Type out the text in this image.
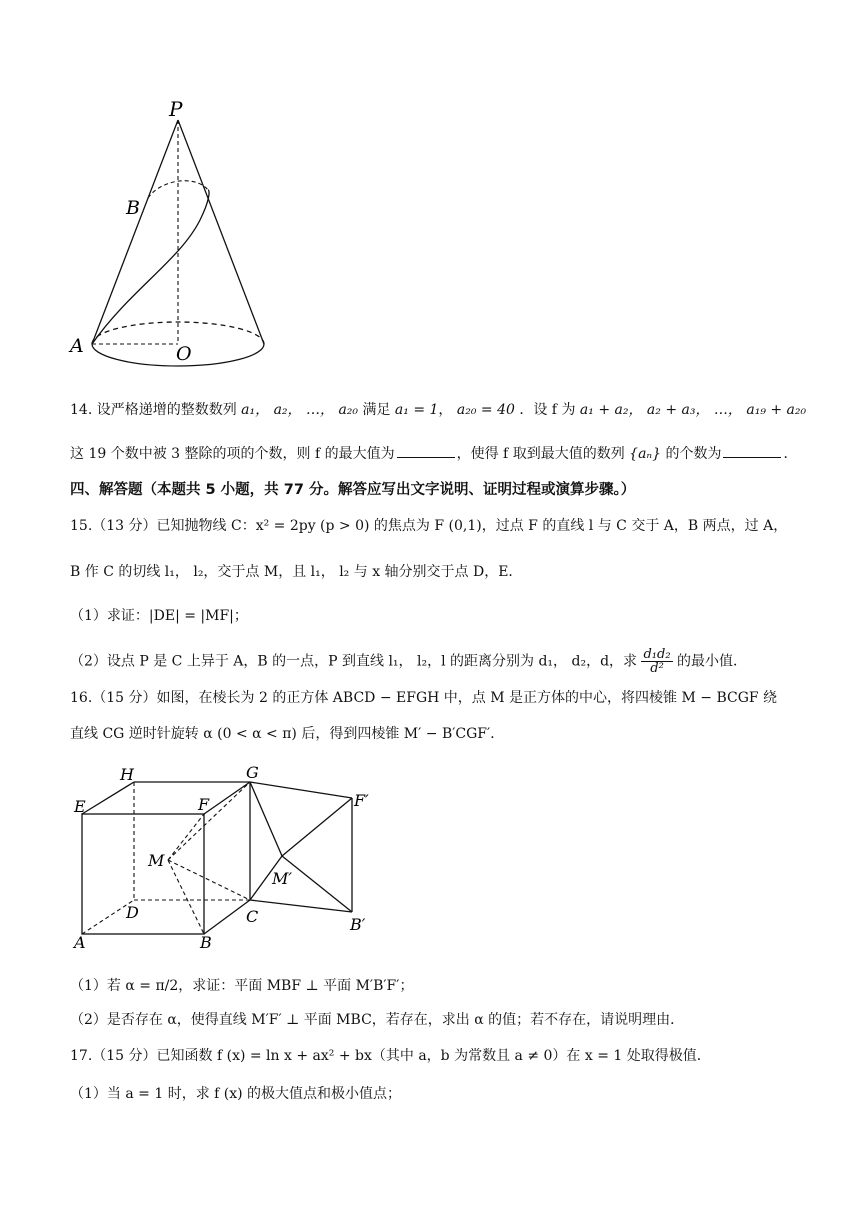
P
B
A	O
14. 设严格递增的整数数列 a₁， a₂， …， a₂₀ 满足 a₁ = 1， a₂₀ = 40 ．设 f 为 a₁ + a₂， a₂ + a₃， …， a₁₉ + a₂₀
这 19 个数中被 3 整除的项的个数，则 f 的最大值为	，使得 f 取到最大值的数列 {aₙ} 的个数为	．
四、解答题（本题共 5 小题，共 77 分。解答应写出文字说明、证明过程或演算步骤。）
15.（13 分）已知抛物线 C：x² = 2py (p > 0) 的焦点为 F (0,1)，过点 F 的直线 l 与 C 交于 A，B 两点，过 A，
B 作 C 的切线 l₁， l₂，交于点 M，且 l₁， l₂ 与 x 轴分别交于点 D，E．
（1）求证：|DE| = |MF|；
（2）设点 P 是 C 上异于 A，B 的一点，P 到直线 l₁， l₂，l 的距离分别为 d₁， d₂，d，求 $\frac{\text{d₁d₂}}{\text{d²}}$ 的最小值．
16.（15 分）如图，在棱长为 2 的正方体 ABCD − EFGH 中，点 M 是正方体的中心，将四棱锥 M − BCGF 绕
直线 CG 逆时针旋转 α (0 < α < π) 后，得到四棱锥 M′ − B′CGF′．
H	G
E	F	F′
M
M′
D	C
A	B
B′
（1）若 α = π/2，求证：平面 MBF ⊥ 平面 M′B′F′；
（2）是否存在 α，使得直线 M′F′ ⊥ 平面 MBC，若存在，求出 α 的值；若不存在，请说明理由．
17.（15 分）已知函数 f (x) = ln x + ax² + bx（其中 a，b 为常数且 a ≠ 0）在 x = 1 处取得极值．
（1）当 a = 1 时，求 f (x) 的极大值点和极小值点；
